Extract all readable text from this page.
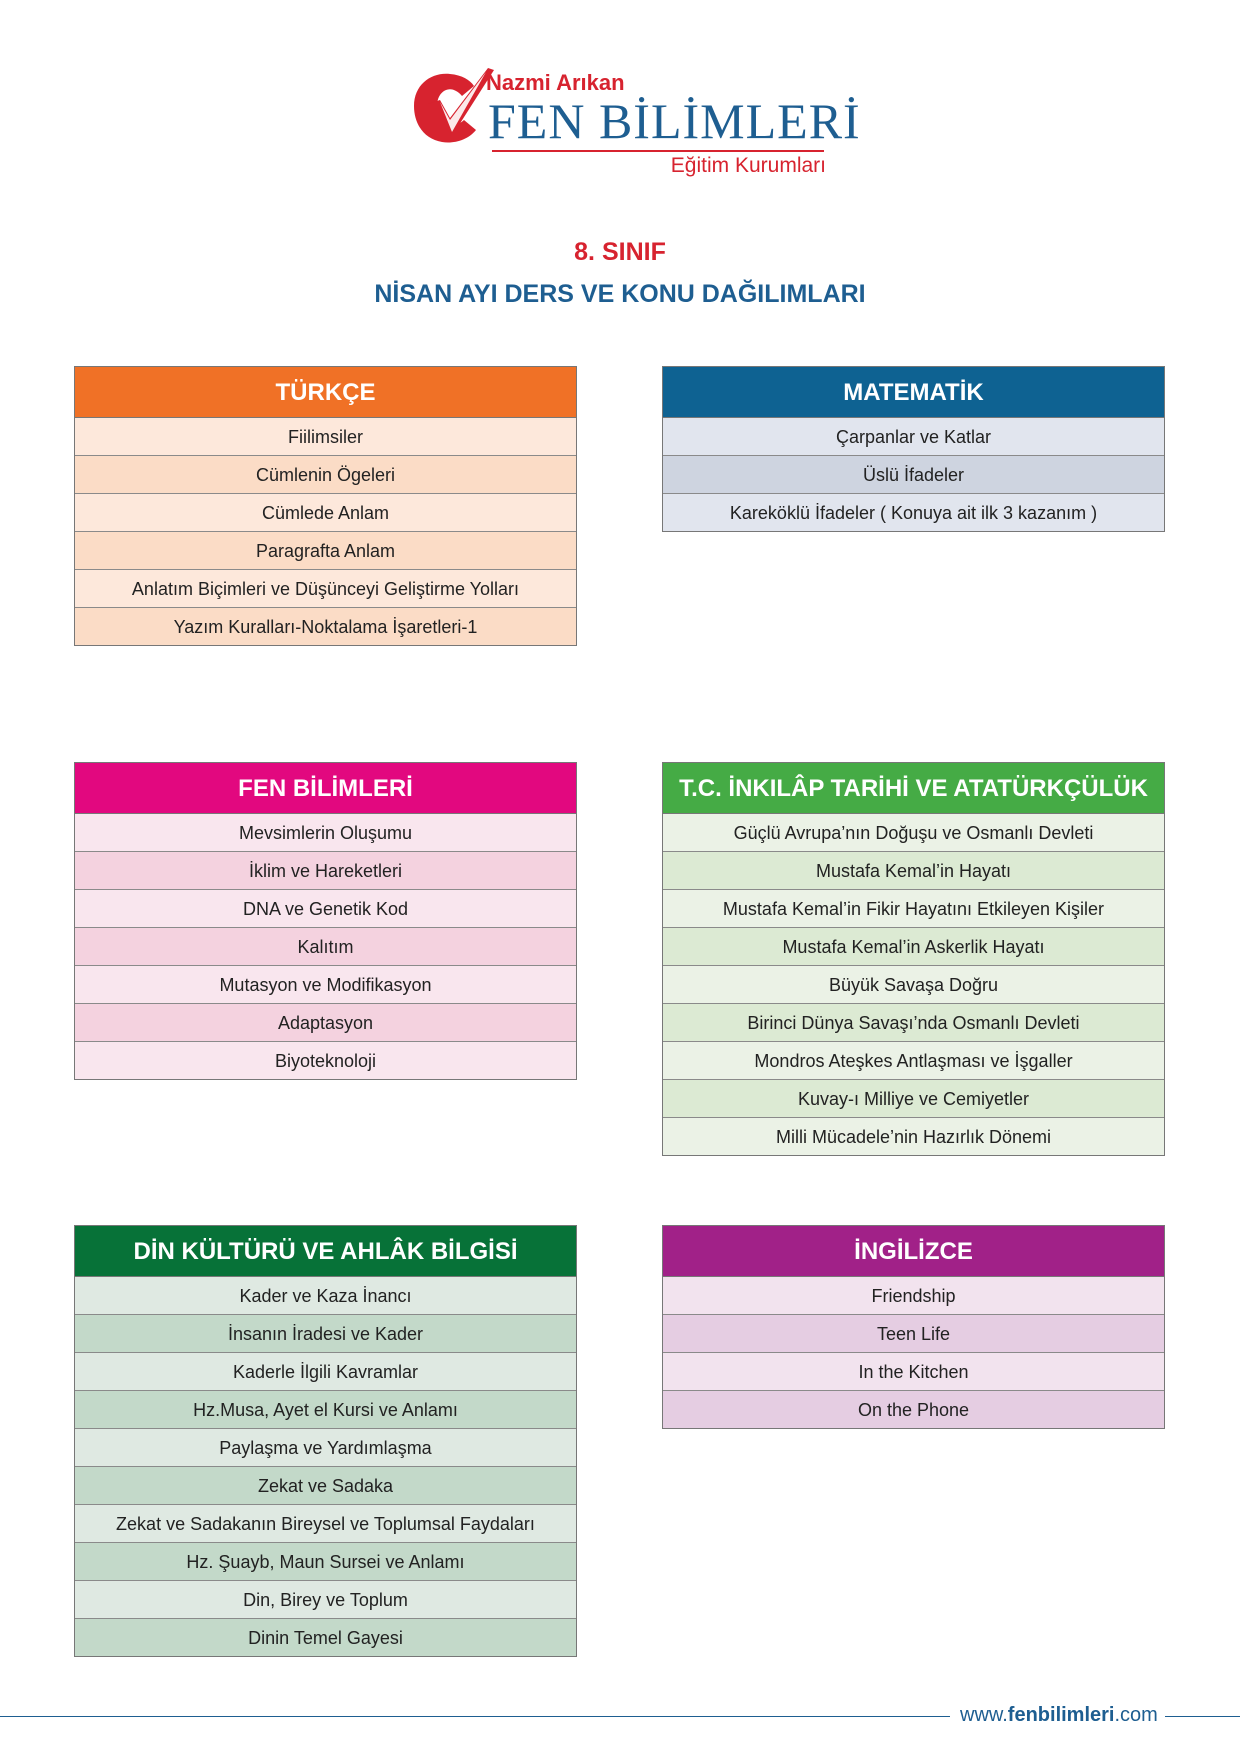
Nazmi Arıkan
FEN BİLİMLERİ
Eğitim Kurumları
8. SINIF
NİSAN AYI DERS VE KONU DAĞILIMLARI
TÜRKÇE
Fiilimsiler
Cümlenin Ögeleri
Cümlede Anlam
Paragrafta Anlam
Anlatım Biçimleri ve Düşünceyi Geliştirme Yolları
Yazım Kuralları-Noktalama İşaretleri-1
MATEMATİK
Çarpanlar ve Katlar
Üslü İfadeler
Kareköklü İfadeler ( Konuya ait ilk 3 kazanım )
FEN BİLİMLERİ
Mevsimlerin Oluşumu
İklim ve Hareketleri
DNA ve Genetik Kod
Kalıtım
Mutasyon ve Modifikasyon
Adaptasyon
Biyoteknoloji
T.C. İNKILÂP TARİHİ VE ATATÜRKÇÜLÜK
Güçlü Avrupa’nın Doğuşu ve Osmanlı Devleti
Mustafa Kemal’in Hayatı
Mustafa Kemal’in Fikir Hayatını Etkileyen Kişiler
Mustafa Kemal’in Askerlik Hayatı
Büyük Savaşa Doğru
Birinci Dünya Savaşı’nda Osmanlı Devleti
Mondros Ateşkes Antlaşması ve İşgaller
Kuvay-ı Milliye ve Cemiyetler
Milli Mücadele’nin Hazırlık Dönemi
DİN KÜLTÜRÜ VE AHLÂK BİLGİSİ
Kader ve Kaza İnancı
İnsanın İradesi ve Kader
Kaderle İlgili Kavramlar
Hz.Musa, Ayet el Kursi ve Anlamı
Paylaşma ve Yardımlaşma
Zekat ve Sadaka
Zekat ve Sadakanın Bireysel ve Toplumsal Faydaları
Hz. Şuayb, Maun Sursei ve Anlamı
Din, Birey ve Toplum
Dinin Temel Gayesi
İNGİLİZCE
Friendship
Teen Life
In the Kitchen
On the Phone
www.fenbilimleri.com
